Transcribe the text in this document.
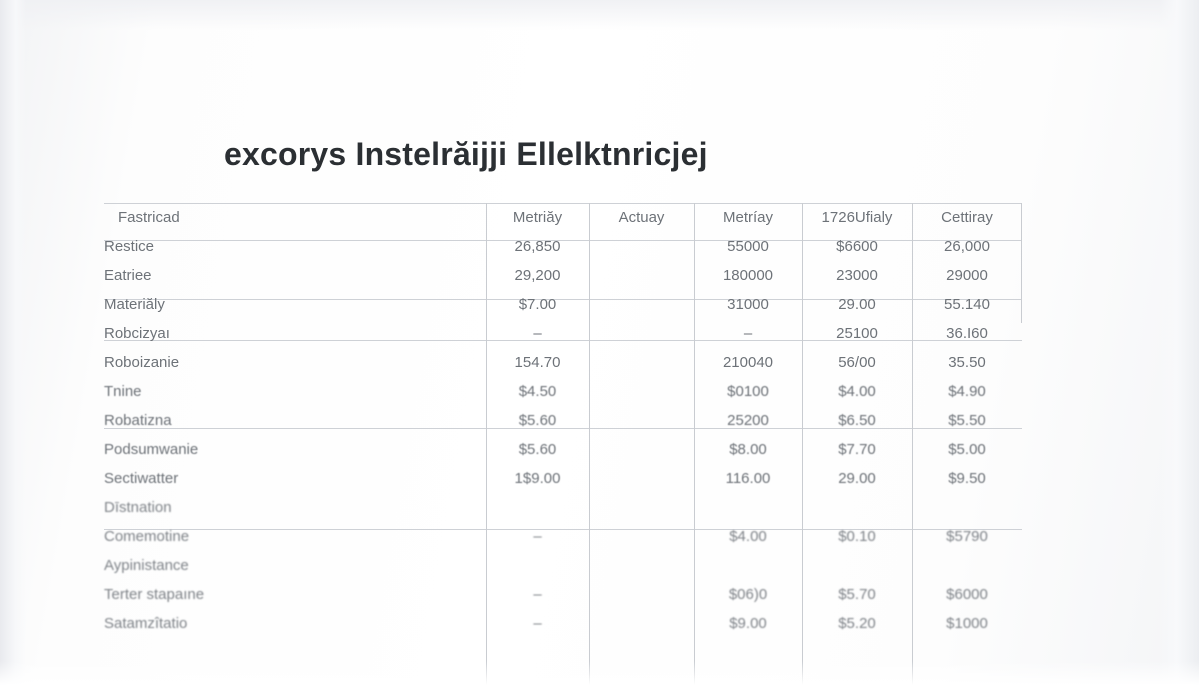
excorys Instelrăijji Ellelktnricjej
Fastricad	Metriăy	Actuay	Metríay	1726Ufialy	Cettiray
Restice	26,850		55000	$6600	26,000
Eatriee	29,200		180000	23000	29000
Materiăly	$7.00		31000	29.00	55.140
Robcizyaı	–		–	25100	36.I60
Roboizanie	154.70		210040	56/00	35.50
Tnine	$4.50		$0100	$4.00	$4.90
Robatizna	$5.60		25200	$6.50	$5.50
Podsumwanie	$5.60		$8.00	$7.70	$5.00
Sectiwatter	1$9.00		116.00	29.00	$9.50
Dīstnation					
Comemotine	–		$4.00	$0.10	$5790
Aypinistance					
Terter stapaıne	–		$06)0	$5.70	$6000
Satamzîtatio	–		$9.00	$5.20	$1000
